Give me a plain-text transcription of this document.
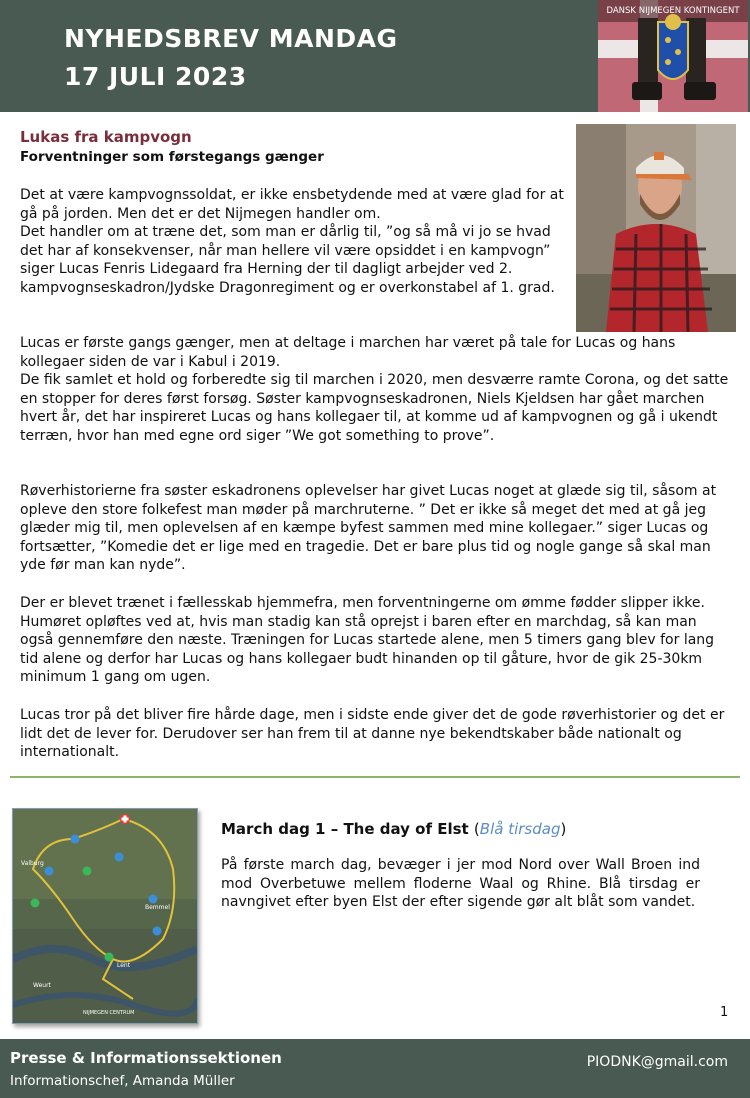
NYHEDSBREV MANDAG
17 JULI 2023
DANSK NIJMEGEN KONTINGENT
Lukas fra kampvogn
Forventninger som førstegangs gænger

Det at være kampvognssoldat, er ikke ensbetydende med at være glad for at gå på jorden. Men det er det Nijmegen handler om.
Det handler om at træne det, som man er dårlig til, ”og så må vi jo se hvad det har af konsekvenser, når man hellere vil være opsiddet i en kampvogn” siger Lucas Fenris Lidegaard fra Herning der til dagligt arbejder ved 2. kampvognseskadron/Jydske Dragonregiment og er overkonstabel af 1. grad.

Lucas er første gangs gænger, men at deltage i marchen har været på tale for Lucas og hans kollegaer siden de var i Kabul i 2019.
De fik samlet et hold og forberedte sig til marchen i 2020, men desværre ramte Corona, og det satte en stopper for deres først forsøg. Søster kampvognseskadronen, Niels Kjeldsen har gået marchen hvert år, det har inspireret Lucas og hans kollegaer til, at komme ud af kampvognen og gå i ukendt terræn, hvor han med egne ord siger ”We got something to prove”.

Røverhistorierne fra søster eskadronens oplevelser har givet Lucas noget at glæde sig til, såsom at opleve den store folkefest man møder på marchruterne. ” Det er ikke så meget det med at gå jeg glæder mig til, men oplevelsen af en kæmpe byfest sammen med mine kollegaer.” siger Lucas og fortsætter, ”Komedie det er lige med en tragedie. Det er bare plus tid og nogle gange så skal man yde før man kan nyde”.

Der er blevet trænet i fællesskab hjemmefra, men forventningerne om ømme fødder slipper ikke. Humøret opløftes ved at, hvis man stadig kan stå oprejst i baren efter en marchdag, så kan man også gennemføre den næste. Træningen for Lucas startede alene, men 5 timers gang blev for lang tid alene og derfor har Lucas og hans kollegaer budt hinanden op til gåture, hvor de gik 25-30km minimum 1 gang om ugen.

Lucas tror på det bliver fire hårde dage, men i sidste ende giver det de gode røverhistorier og det er lidt det de lever for. Derudover ser han frem til at danne nye bekendtskaber både nationalt og internationalt.

Valburg
Bemmel
Lent
Weurt
NIJMEGEN CENTRUM
March dag 1 – The day of Elst (Blå tirsdag)

På første march dag, bevæger i jer mod Nord over Wall Broen ind mod Overbetuwe mellem floderne Waal og Rhine. Blå tirsdag er navngivet efter byen Elst der efter sigende gør alt blåt som vandet.

1
Presse & Informationssektionen
Informationschef, Amanda Müller
PIODNK@gmail.com
